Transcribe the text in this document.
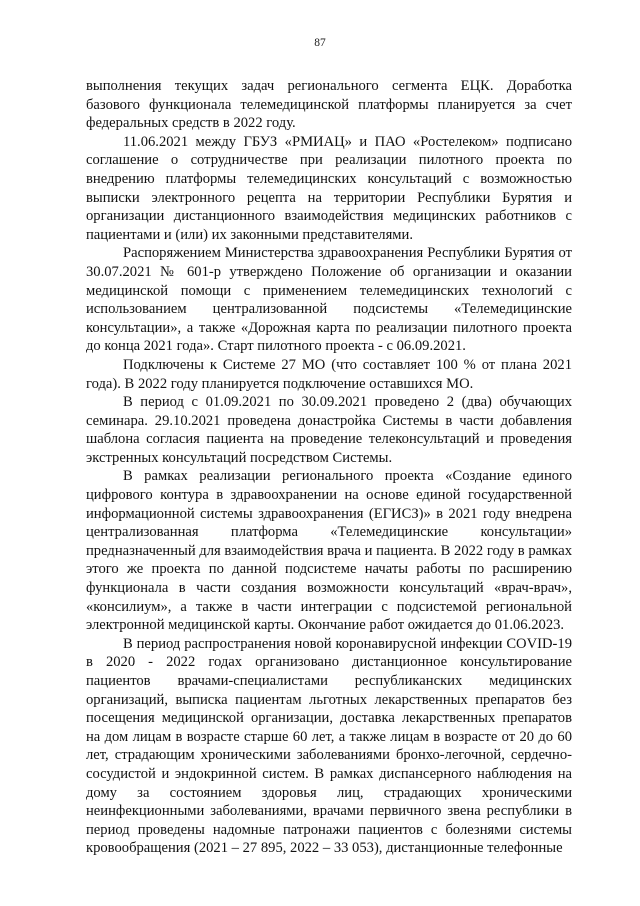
87

выполнения текущих задач регионального сегмента ЕЦК. Доработка базового функционала телемедицинской платформы планируется за счет федеральных средств в 2022 году.

11.06.2021 между ГБУЗ «РМИАЦ» и ПАО «Ростелеком» подписано соглашение о сотрудничестве при реализации пилотного проекта по внедрению платформы телемедицинских консультаций с возможностью выписки электронного рецепта на территории Республики Бурятия и организации дистанционного взаимодействия медицинских работников с пациентами и (или) их законными представителями.

Распоряжением Министерства здравоохранения Республики Бурятия от 30.07.2021 № 601-р утверждено Положение об организации и оказании медицинской помощи с применением телемедицинских технологий с использованием централизованной подсистемы «Телемедицинские консультации», а также «Дорожная карта по реализации пилотного проекта до конца 2021 года». Старт пилотного проекта - с 06.09.2021.

Подключены к Системе 27 МО (что составляет 100 % от плана 2021 года). В 2022 году планируется подключение оставшихся МО.

В период с 01.09.2021 по 30.09.2021 проведено 2 (два) обучающих семинара. 29.10.2021 проведена донастройка Системы в части добавления шаблона согласия пациента на проведение телеконсультаций и проведения экстренных консультаций посредством Системы.

В рамках реализации регионального проекта «Создание единого цифрового контура в здравоохранении на основе единой государственной информационной системы здравоохранения (ЕГИСЗ)» в 2021 году внедрена централизованная платформа «Телемедицинские консультации» предназначенный для взаимодействия врача и пациента. В 2022 году в рамках этого же проекта по данной подсистеме начаты работы по расширению функционала в части создания возможности консультаций «врач-врач», «консилиум», а также в части интеграции с подсистемой региональной электронной медицинской карты. Окончание работ ожидается до 01.06.2023.

В период распространения новой коронавирусной инфекции COVID-19 в 2020 - 2022 годах организовано дистанционное консультирование пациентов врачами-специалистами республиканских медицинских организаций, выписка пациентам льготных лекарственных препаратов без посещения медицинской организации, доставка лекарственных препаратов на дом лицам в возрасте старше 60 лет, а также лицам в возрасте от 20 до 60 лет, страдающим хроническими заболеваниями бронхо-легочной, сердечно-сосудистой и эндокринной систем. В рамках диспансерного наблюдения на дому за состоянием здоровья лиц, страдающих хроническими неинфекционными заболеваниями, врачами первичного звена республики в период проведены надомные патронажи пациентов с болезнями системы кровообращения (2021 – 27 895, 2022 – 33 053), дистанционные телефонные
